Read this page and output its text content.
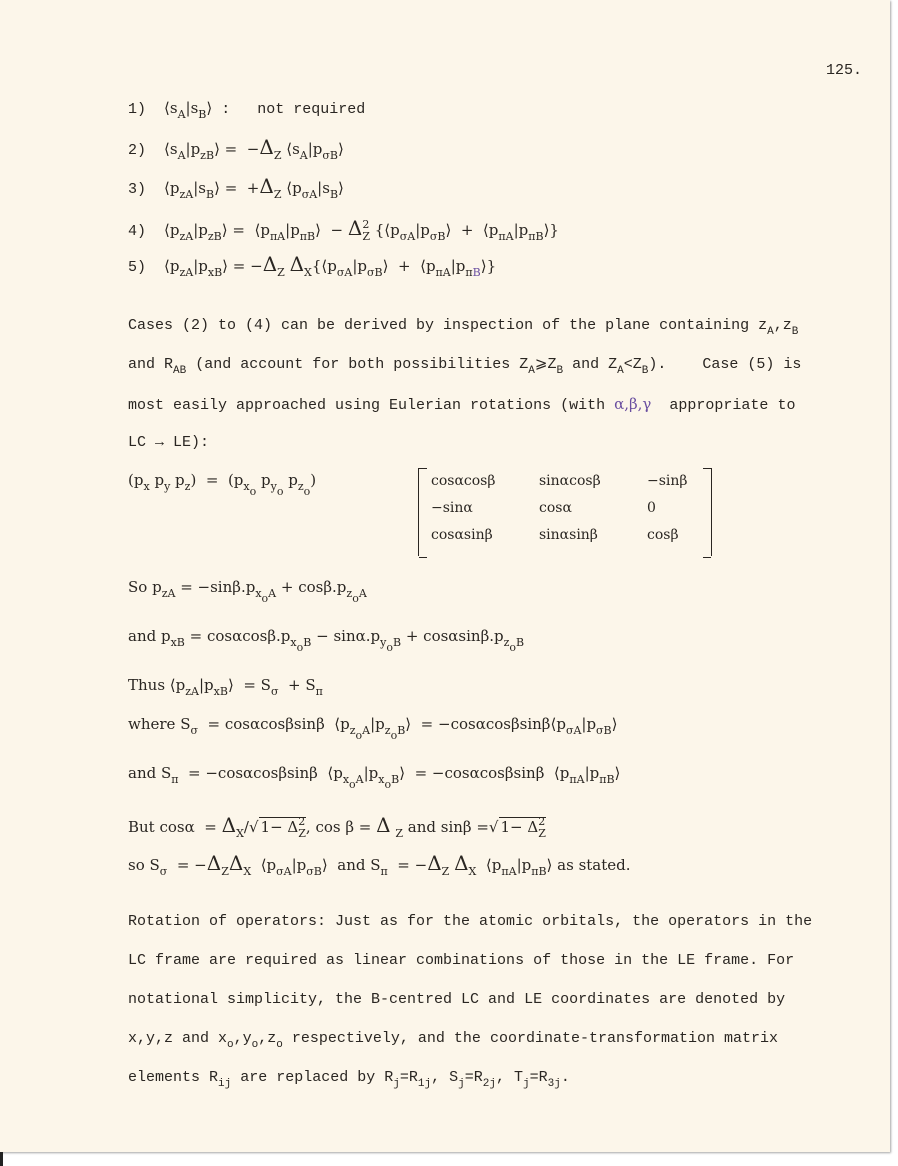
125.
1) $⟨s_A|s_B⟩$ :   not required
2) $⟨s_A|p_{zB}⟩ = -\Delta_Z$ $⟨s_A|p_{\sigma B}⟩$
3) $⟨p_{zA}|s_B⟩ = +\Delta_Z$ $⟨p_{\sigma A}|s_B⟩$
4) $⟨p_{zA}|p_{zB}⟩$ =  $⟨p_{\pi A}|p_{\pi B}⟩ - \Delta^2_Z$ {$⟨p_{\sigma A}|p_{\sigma B}⟩$  +  $⟨p_{\pi A}|p_{\pi B}⟩$}
5) $⟨p_{zA}|p_{xB}⟩ = -\Delta_Z$ $\Delta_X\{⟨p_{\sigma A}|p_{\sigma B}⟩$  +  $⟨p_{\pi A}|p_{\pi B}⟩$}
Cases (2) to (4) can be derived by inspection of the plane containing $z_A,z_B$
and $R_{AB}$ (and account for both possibilities $Z_A⩾Z_B$ and $Z_A<Z_B$).    Case (5) is
most easily approached using Eulerian rotations (with α,β,γ appropriate to
LC → LE):
($p_x$ $p_y$ $p_z) = (p_{x_o}$ $p_{y_o}$ $p_{z_o}$)	cosαcosβ	sinαcosβ	−sinβ
−sinα	cosα	0
cosαsinβ	sinαsinβ	cosβ
So $p_{zA} = -\sin\beta.p_{x_oA} + \cos\beta.p_{z_oA}$
and $p_{xB} = \cos\alpha\cos\beta.p_{x_oB} - \sin\alpha.p_{y_oB} + \cos\alpha\sin\beta.p_{z_oB}$
Thus $⟨p_{zA}|p_{xB}⟩ = S_\sigma + S_\pi$
where $S_\sigma = \cos\alpha\cos\beta\sin\beta$  $⟨p_{z_oA}|p_{z_oB}⟩$  = $-\cos\alpha\cos\beta\sin\beta⟨p_{\sigma A}|p_{\sigma B}⟩$
and $S_\pi = -\cos\alpha\cos\beta\sin\beta$  $⟨p_{x_oA}|p_{x_oB}⟩ = -\cos\alpha\cos\beta\sin\beta$  $⟨p_{\pi A}|p_{\pi B}⟩$
But $\cos\alpha = \Delta_X/√$ $1- \Delta^2_Z$, cos β = Δ $_Z$ and sinβ =√ $1- \Delta^2_Z$
so $S_\sigma = -\Delta_Z\Delta_X$  $⟨p_{\sigma A}|p_{\sigma B}⟩$  and $S_\pi = -\Delta_Z$ $\Delta_X$  $⟨p_{\pi A}|p_{\pi B}⟩$ as stated.
Rotation of operators: Just as for the atomic orbitals, the operators in the
LC frame are required as linear combinations of those in the LE frame. For
notational simplicity, the B-centred LC and LE coordinates are denoted by
x,y,z and $x_o,y_o,z_o$ respectively, and the coordinate-transformation matrix
elements $R_{ij}$ are replaced by $R_j=R_{1j}$, $S_j=R_{2j}$, $T_j=R_{3j}$.
